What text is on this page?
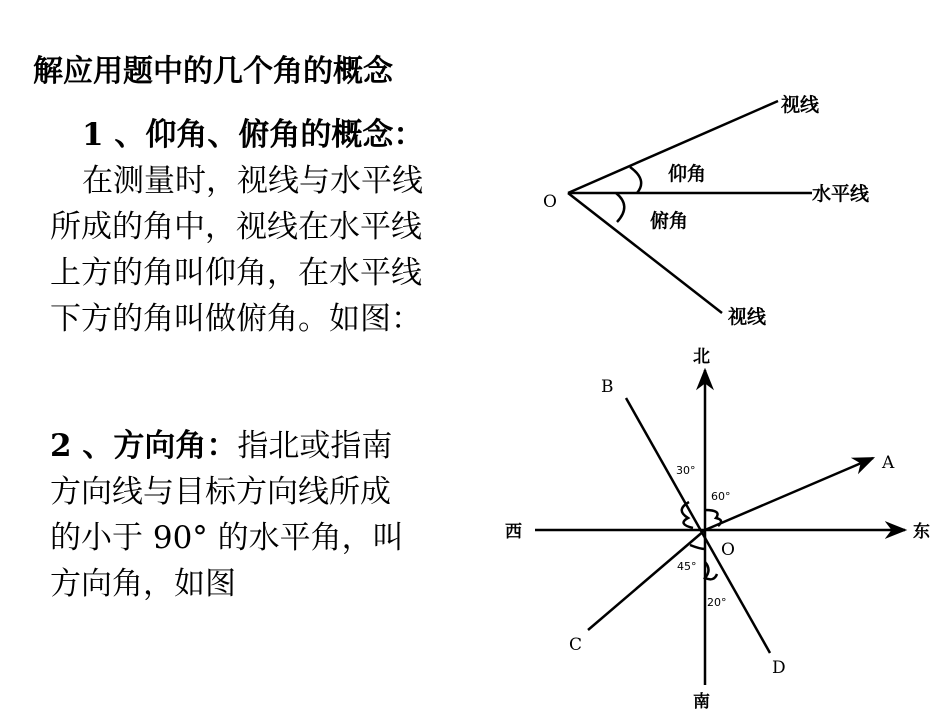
解应用题中的几个角的概念
1 、仰角、俯角的概念：
在测量时，视线与水平线
所成的角中，视线在水平线
上方的角叫仰角，在水平线
下方的角叫做俯角。如图：
2 、方向角：指北或指南
方向线与目标方向线所成
的小于 90° 的水平角，叫
方向角，如图
O
视线
仰角
水平线
俯角
视线
北
南
东
西
O
A
B
C
D
30°
60°
45°
20°
